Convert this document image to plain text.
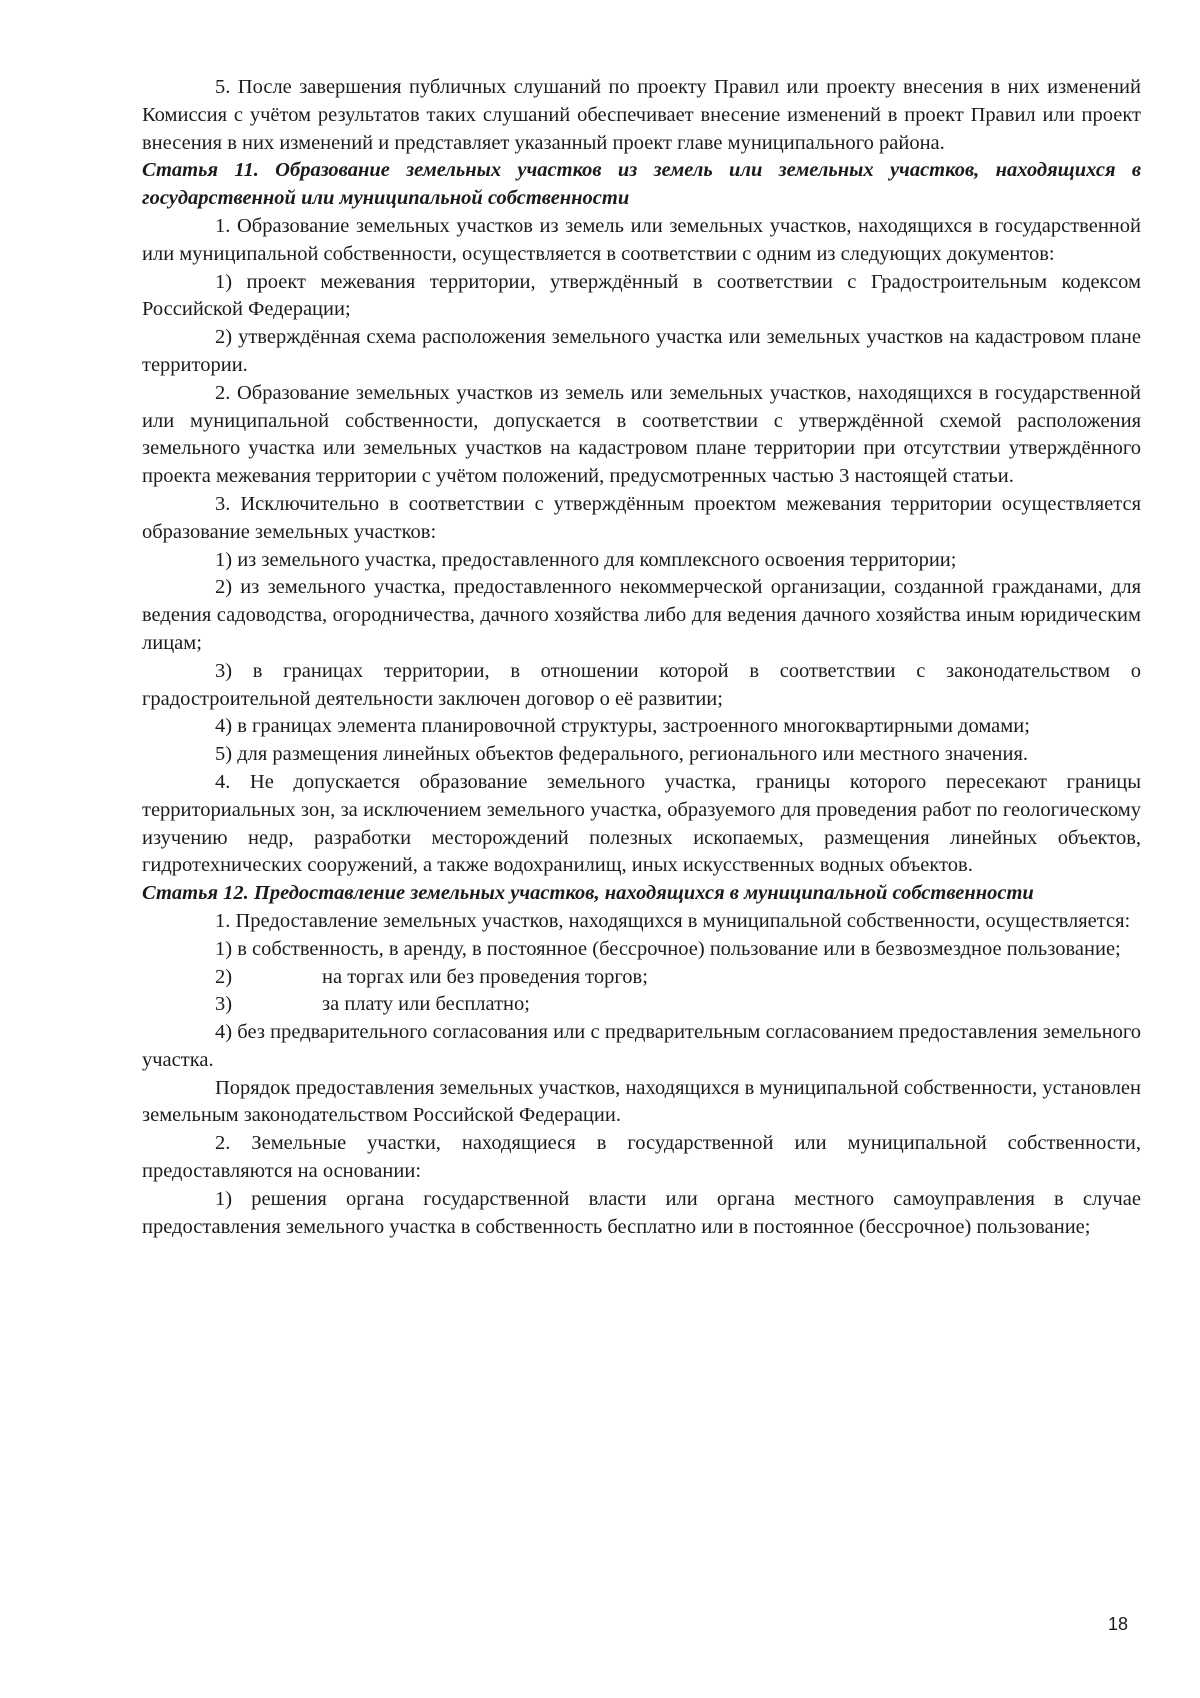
5. После завершения публичных слушаний по проекту Правил или проекту внесения в них изменений Комиссия с учётом результатов таких слушаний обеспечивает внесение изменений в проект Правил или проект внесения в них изменений и представляет указанный проект главе муниципального района.

Статья 11. Образование земельных участков из земель или земельных участков, находящихся в государственной или муниципальной собственности

1. Образование земельных участков из земель или земельных участков, находящихся в государственной или муниципальной собственности, осуществляется в соответствии с одним из следующих документов:

1) проект межевания территории, утверждённый в соответствии с Градостроительным кодексом Российской Федерации;

2) утверждённая схема расположения земельного участка или земельных участков на кадастровом плане территории.

2. Образование земельных участков из земель или земельных участков, находящихся в государственной или муниципальной собственности, допускается в соответствии с утверждённой схемой расположения земельного участка или земельных участков на кадастровом плане территории при отсутствии утверждённого проекта межевания территории с учётом положений, предусмотренных частью 3 настоящей статьи.

3. Исключительно в соответствии с утверждённым проектом межевания территории осуществляется образование земельных участков:

1) из земельного участка, предоставленного для комплексного освоения территории;

2) из земельного участка, предоставленного некоммерческой организации, созданной гражданами, для ведения садоводства, огородничества, дачного хозяйства либо для ведения дачного хозяйства иным юридическим лицам;

3) в границах территории, в отношении которой в соответствии с законодательством о градостроительной деятельности заключен договор о её развитии;

4) в границах элемента планировочной структуры, застроенного многоквартирными домами;

5) для размещения линейных объектов федерального, регионального или местного значения.

4. Не допускается образование земельного участка, границы которого пересекают границы территориальных зон, за исключением земельного участка, образуемого для проведения работ по геологическому изучению недр, разработки месторождений полезных ископаемых, размещения линейных объектов, гидротехнических сооружений, а также водохранилищ, иных искусственных водных объектов.

Статья 12. Предоставление земельных участков, находящихся в муниципальной собственности

1. Предоставление земельных участков, находящихся в муниципальной собственности, осуществляется:

1) в собственность, в аренду, в постоянное (бессрочное) пользование или в безвозмездное пользование;

2)	на торгах или без проведения торгов;

3)	за плату или бесплатно;

4) без предварительного согласования или с предварительным согласованием предоставления земельного участка.

Порядок предоставления земельных участков, находящихся в муниципальной собственности, установлен земельным законодательством Российской Федерации.

2. Земельные участки, находящиеся в государственной или муниципальной собственности, предоставляются на основании:

1) решения органа государственной власти или органа местного самоуправления в случае предоставления земельного участка в собственность бесплатно или в постоянное (бессрочное) пользование;

18
